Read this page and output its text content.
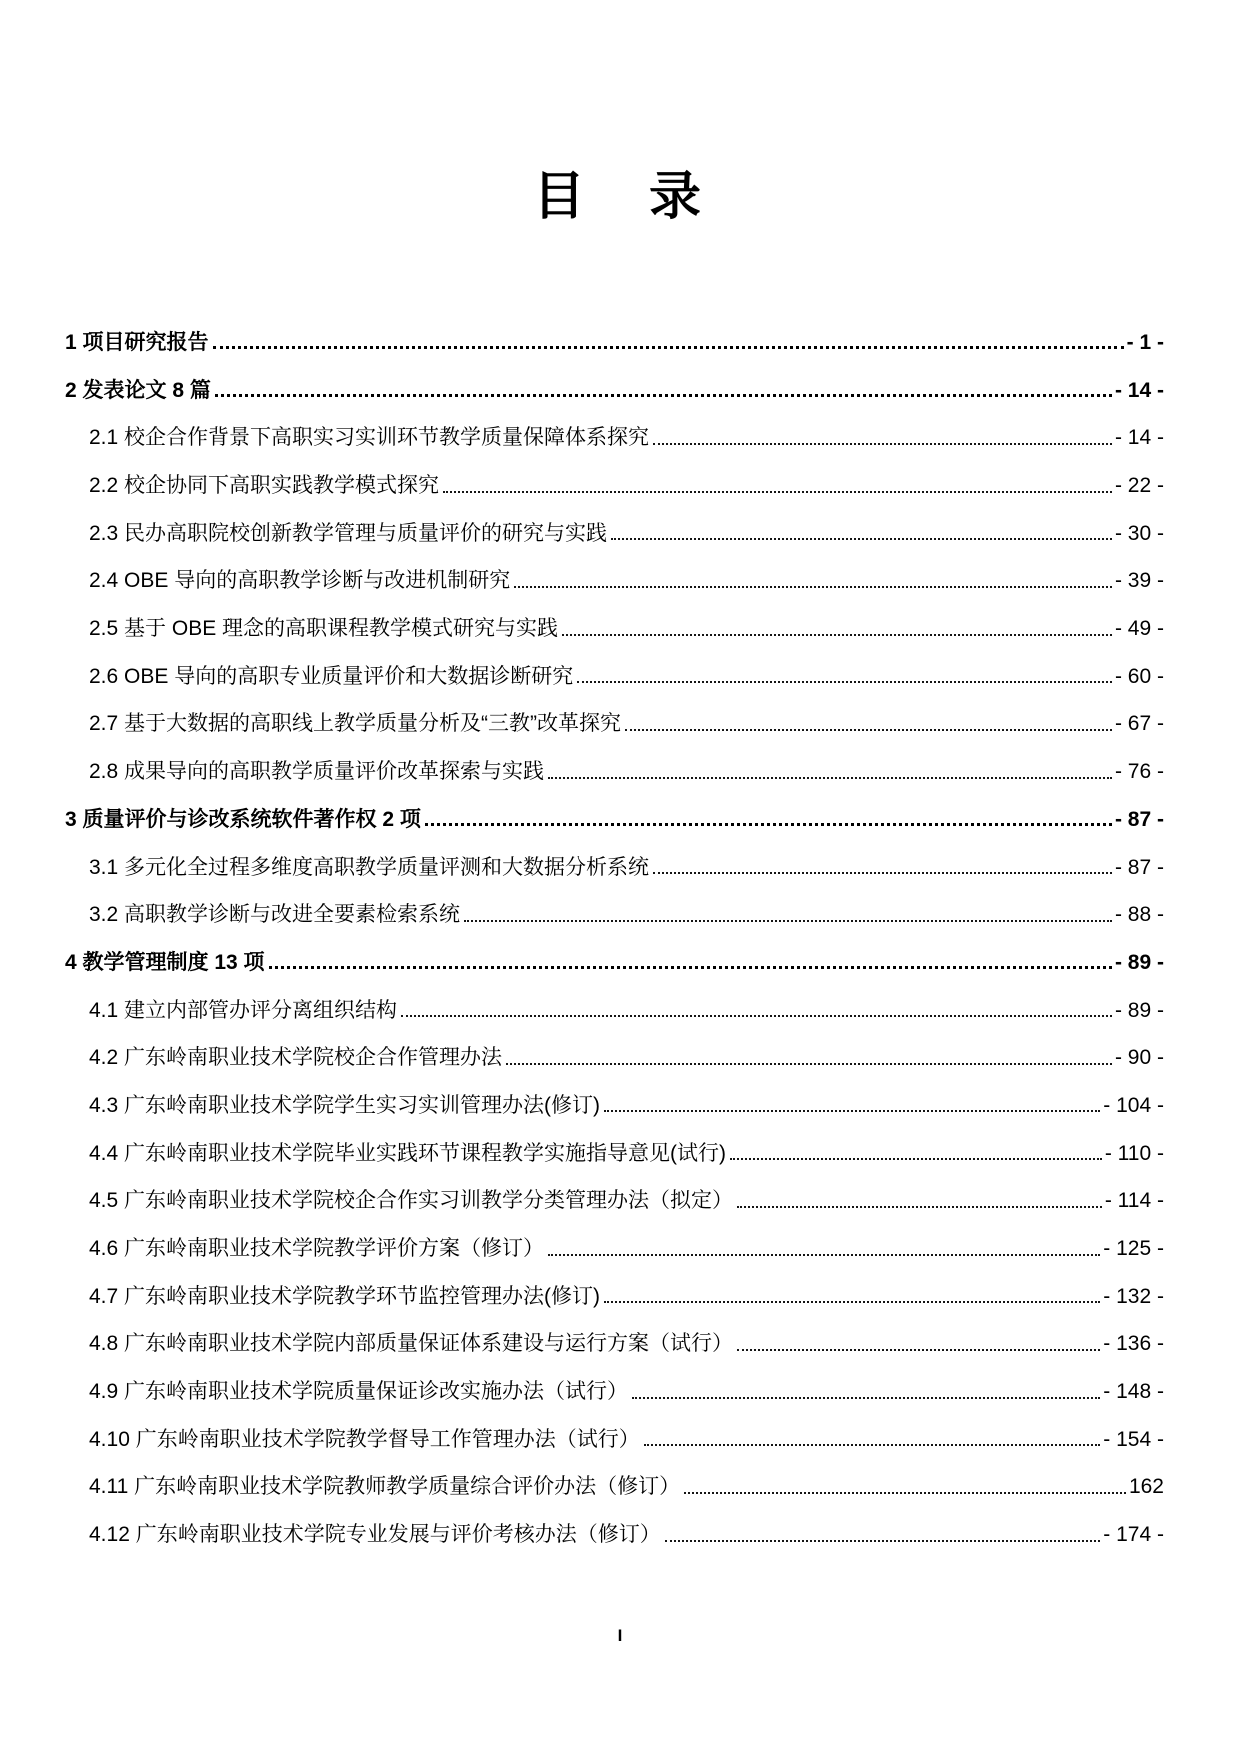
目　录
1 项目研究报告	- 1 -
2 发表论文 8 篇	- 14 -
2.1 校企合作背景下高职实习实训环节教学质量保障体系探究	- 14 -
2.2 校企协同下高职实践教学模式探究	- 22 -
2.3 民办高职院校创新教学管理与质量评价的研究与实践	- 30 -
2.4 OBE 导向的高职教学诊断与改进机制研究	- 39 -
2.5 基于 OBE 理念的高职课程教学模式研究与实践	- 49 -
2.6 OBE 导向的高职专业质量评价和大数据诊断研究	- 60 -
2.7 基于大数据的高职线上教学质量分析及“三教”改革探究	- 67 -
2.8 成果导向的高职教学质量评价改革探索与实践	- 76 -
3 质量评价与诊改系统软件著作权 2 项	- 87 -
3.1 多元化全过程多维度高职教学质量评测和大数据分析系统	- 87 -
3.2 高职教学诊断与改进全要素检索系统	- 88 -
4 教学管理制度 13 项	- 89 -
4.1 建立内部管办评分离组织结构	- 89 -
4.2 广东岭南职业技术学院校企合作管理办法	- 90 -
4.3 广东岭南职业技术学院学生实习实训管理办法(修订)	- 104 -
4.4 广东岭南职业技术学院毕业实践环节课程教学实施指导意见(试行)	- 110 -
4.5 广东岭南职业技术学院校企合作实习训教学分类管理办法（拟定）	- 114 -
4.6 广东岭南职业技术学院教学评价方案（修订）	- 125 -
4.7 广东岭南职业技术学院教学环节监控管理办法(修订)	- 132 -
4.8 广东岭南职业技术学院内部质量保证体系建设与运行方案（试行）	- 136 -
4.9 广东岭南职业技术学院质量保证诊改实施办法（试行）	- 148 -
4.10 广东岭南职业技术学院教学督导工作管理办法（试行）	- 154 -
4.11 广东岭南职业技术学院教师教学质量综合评价办法（修订）	162
4.12 广东岭南职业技术学院专业发展与评价考核办法（修订）	- 174 -
I
